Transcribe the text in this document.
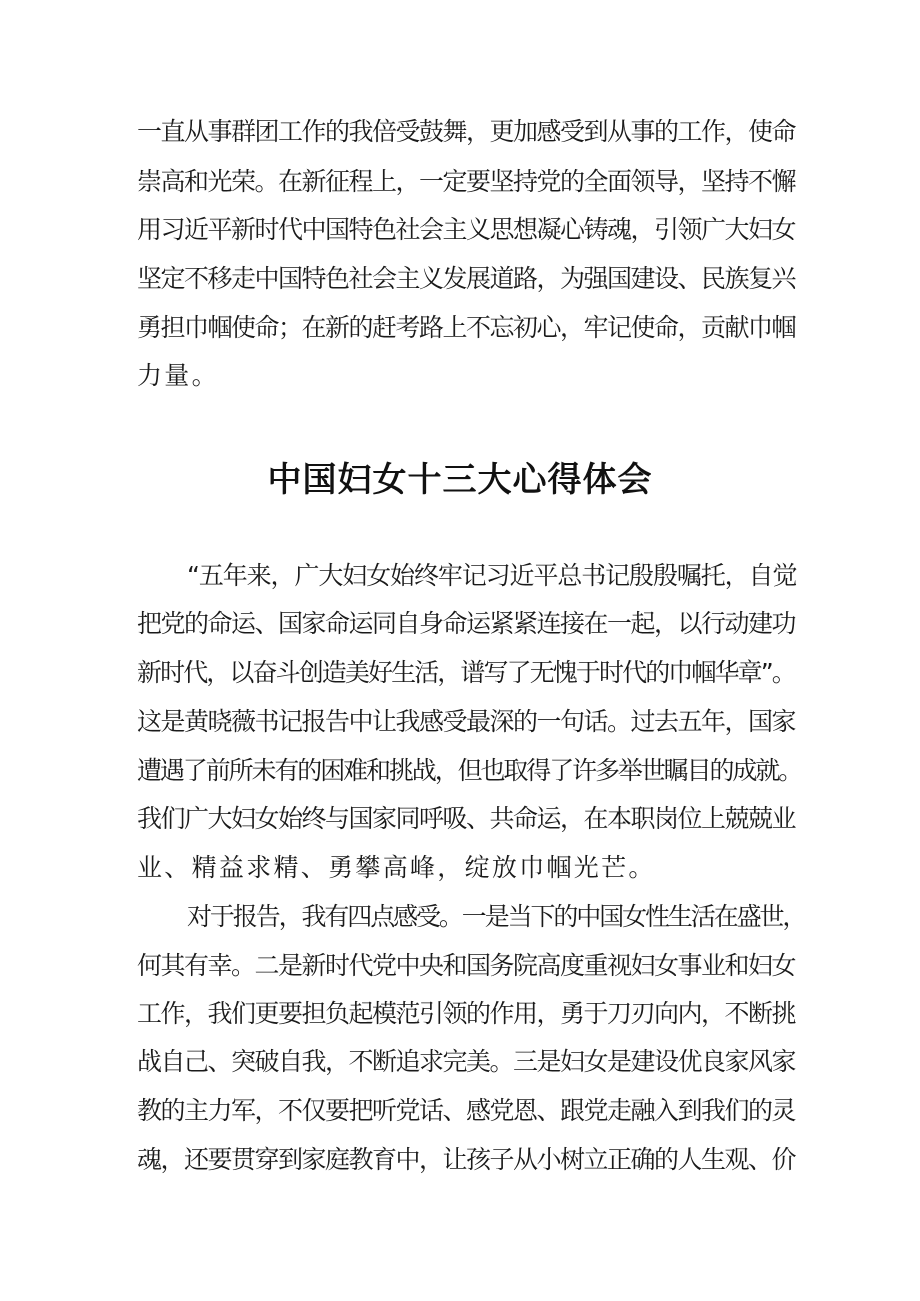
一直从事群团工作的我倍受鼓舞，更加感受到从事的工作，使命
崇高和光荣。在新征程上，一定要坚持党的全面领导，坚持不懈
用习近平新时代中国特色社会主义思想凝心铸魂，引领广大妇女
坚定不移走中国特色社会主义发展道路，为强国建设、民族复兴
勇担巾帼使命；在新的赶考路上不忘初心，牢记使命，贡献巾帼
力量。
中国妇女十三大心得体会
“五年来，广大妇女始终牢记习近平总书记殷殷嘱托，自觉
把党的命运、国家命运同自身命运紧紧连接在一起，以行动建功
新时代，以奋斗创造美好生活，谱写了无愧于时代的巾帼华章”。
这是黄晓薇书记报告中让我感受最深的一句话。过去五年，国家
遭遇了前所未有的困难和挑战，但也取得了许多举世瞩目的成就。
我们广大妇女始终与国家同呼吸、共命运，在本职岗位上兢兢业
业、精益求精、勇攀高峰，绽放巾帼光芒。
对于报告，我有四点感受。一是当下的中国女性生活在盛世，
何其有幸。二是新时代党中央和国务院高度重视妇女事业和妇女
工作，我们更要担负起模范引领的作用，勇于刀刃向内，不断挑
战自己、突破自我，不断追求完美。三是妇女是建设优良家风家
教的主力军，不仅要把听党话、感党恩、跟党走融入到我们的灵
魂，还要贯穿到家庭教育中，让孩子从小树立正确的人生观、价
